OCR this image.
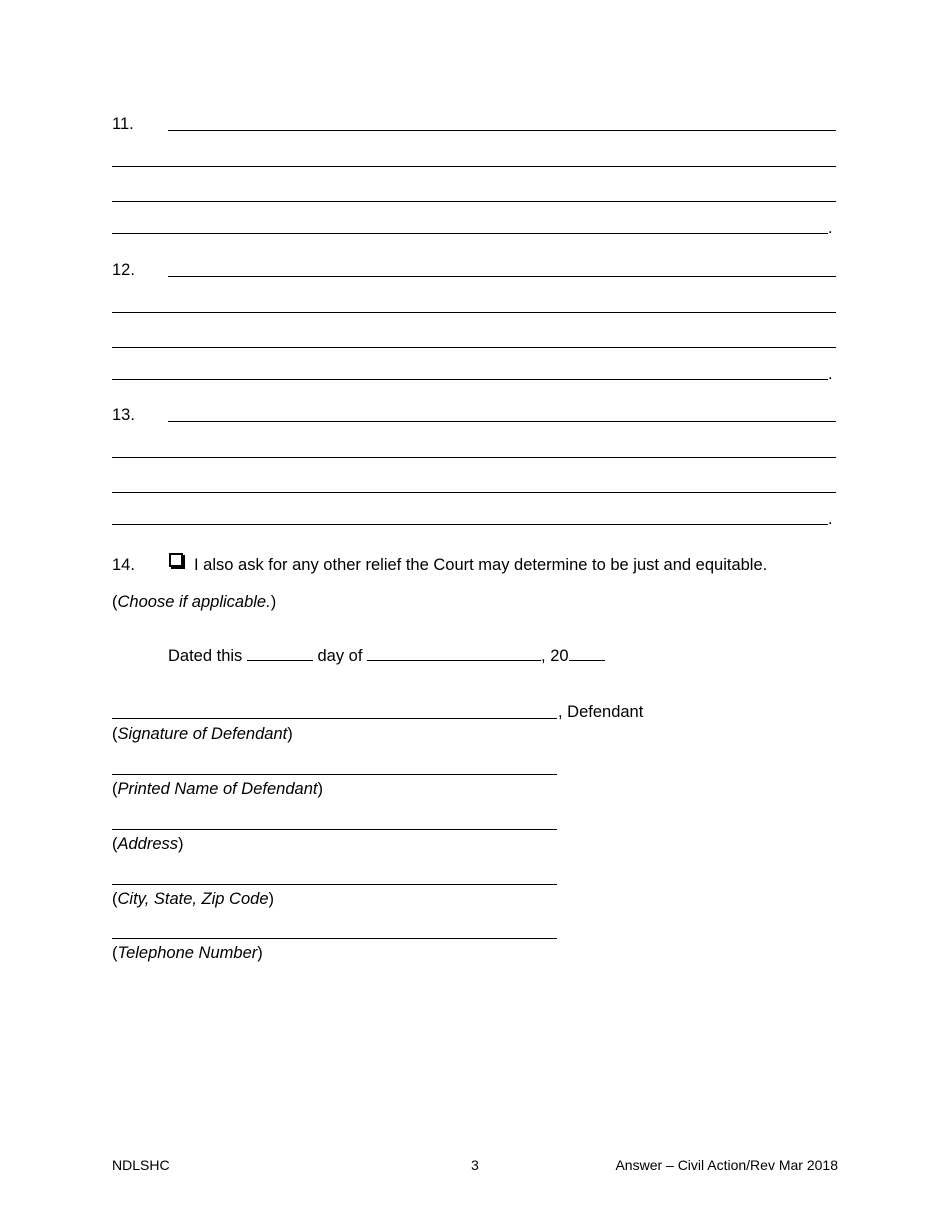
11.
.
12.
.
13.
.
14.	I also ask for any other relief the Court may determine to be just and equitable.
(Choose if applicable.)
Dated this	day of	, 20
, Defendant
(Signature of Defendant)
(Printed Name of Defendant)
(Address)
(City, State, Zip Code)
(Telephone Number)
NDLSHC	3	Answer – Civil Action/Rev Mar 2018
